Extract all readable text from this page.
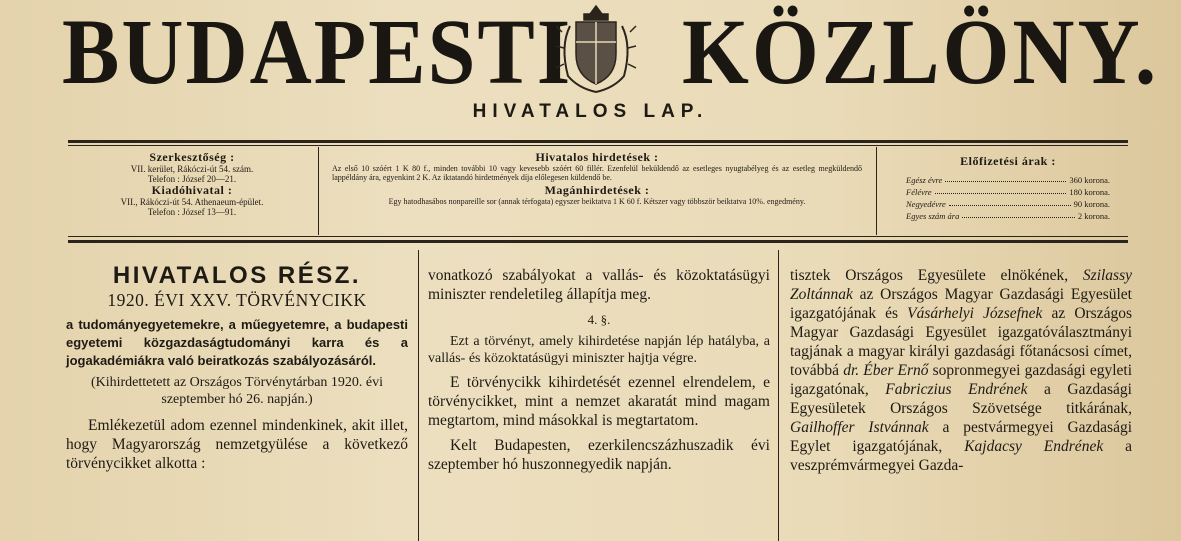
BUDAPESTI KÖZLÖNY.
HIVATALOS LAP.
Szerkesztőség :
VII. kerület, Rákóczi-út 54. szám.
Telefon : József 20—21.
Kiadóhivatal :
VII., Rákóczi-út 54. Athenaeum-épület.
Telefon : József 13—91.
Hivatalos hirdetések :
Az első 10 szóért 1 K 80 f., minden további 10 vagy kevesebb szóért 60 fillér. Ezenfelül beküldendő az esetleges nyugtabélyeg és az esetleg megküldendő lappéldány ára, egyenkint 2 K. Az iktatandó hirdetmények díja előlegesen küldendő be.
Magánhirdetések :
Egy hatodhasábos nonpareille sor (annak térfogata) egyszer beiktatva 1 K 60 f. Kétszer vagy többször beiktatva 10%. engedmény.
Előfizetési árak :
Egész évre	360 korona.
Félévre	180 korona.
Negyedévre	90 korona.
Egyes szám ára	2 korona.

HIVATALOS RÉSZ.

1920. ÉVI XXV. TÖRVÉNYCIKK

a tudományegyetemekre, a műegyetemre, a budapesti egyetemi közgazdaságtudományi karra és a jogakadémiákra való beiratkozás szabályozásáról.

(Kihirdettetett az Országos Törvénytárban 1920. évi szeptember hó 26. napján.)

Emlékezetül adom ezennel mindenkinek, akit illet, hogy Magyarország nemzetgyülése a következő törvénycikket alkotta :

vonatkozó szabályokat a vallás- és közoktatásügyi miniszter rendeletileg állapítja meg.

4. §.

Ezt a törvényt, amely kihirdetése napján lép hatályba, a vallás- és közoktatásügyi miniszter hajtja végre.

E törvénycikk kihirdetését ezennel elrendelem, e törvénycikket, mint a nemzet akaratát mind magam megtartom, mind másokkal is megtartatom.

Kelt Budapesten, ezerkilencszázhuszadik évi szeptember hó huszonnegyedik napján.

tisztek Országos Egyesülete elnökének, Szilassy Zoltánnak az Országos Magyar Gazdasági Egyesület igazgatójának és Vásárhelyi Józsefnek az Országos Magyar Gazdasági Egyesület igazgatóválasztmányi tagjának a magyar királyi gazdasági főtanácsosi címet, továbbá dr. Éber Ernő sopronmegyei gazdasági egyleti igazgatónak, Fabriczius Endrének a Gazdasági Egyesületek Országos Szövetsége titkárának, Gailhoffer Istvánnak a pestvármegyei Gazdasági Egylet igazgatójának, Kajdacsy Endrének a veszprémvármegyei Gazda-
